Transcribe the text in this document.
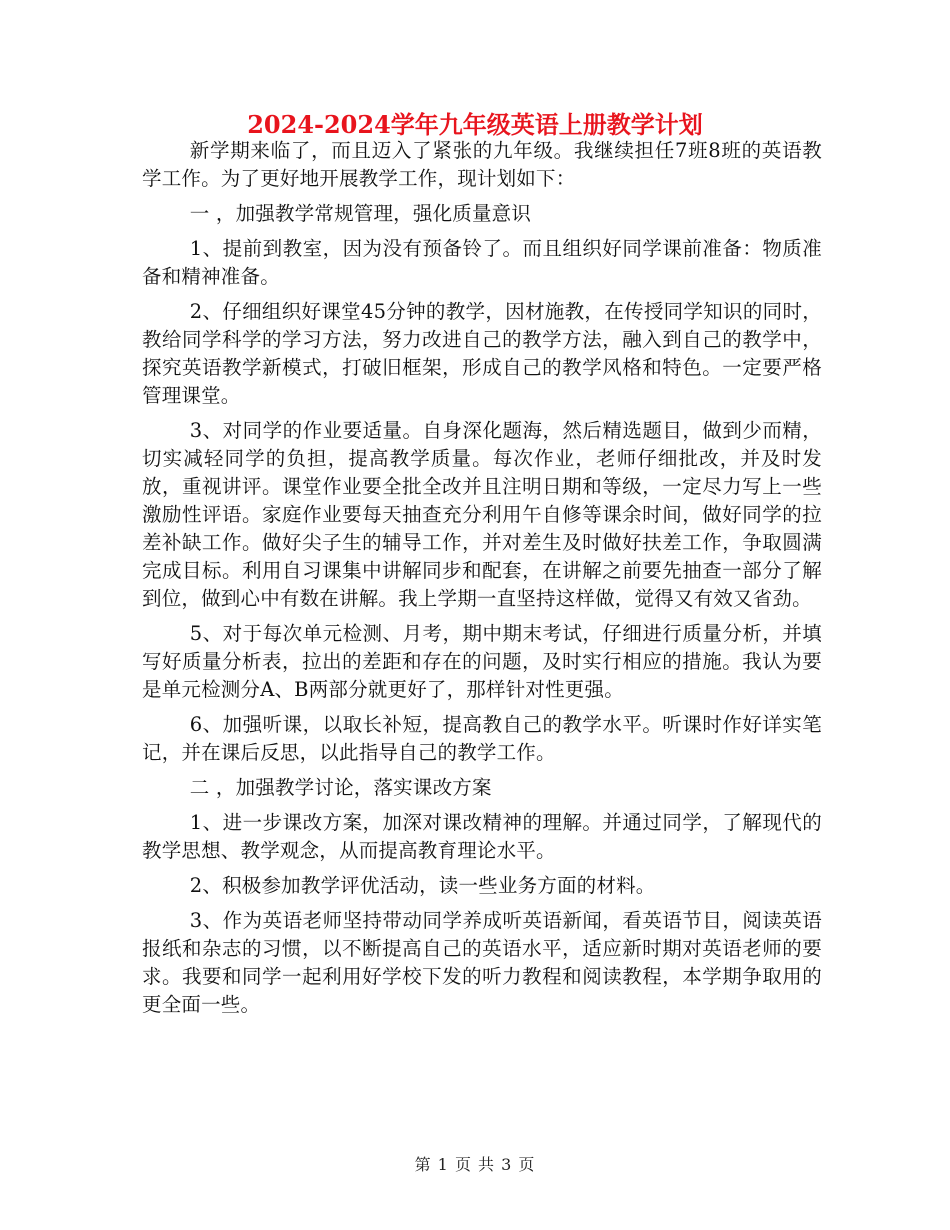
2024-2024学年九年级英语上册教学计划

新学期来临了，而且迈入了紧张的九年级。我继续担任7班8班的英语教学工作。为了更好地开展教学工作，现计划如下：

一 ，加强教学常规管理，强化质量意识

1、提前到教室，因为没有预备铃了。而且组织好同学课前准备：物质准备和精神准备。

2、仔细组织好课堂45分钟的教学，因材施教，在传授同学知识的同时，教给同学科学的学习方法，努力改进自己的教学方法，融入到自己的教学中，探究英语教学新模式，打破旧框架，形成自己的教学风格和特色。一定要严格管理课堂。

3、对同学的作业要适量。自身深化题海，然后精选题目，做到少而精，切实减轻同学的负担，提高教学质量。每次作业，老师仔细批改，并及时发放，重视讲评。课堂作业要全批全改并且注明日期和等级，一定尽力写上一些激励性评语。家庭作业要每天抽查充分利用午自修等课余时间，做好同学的拉差补缺工作。做好尖子生的辅导工作，并对差生及时做好扶差工作，争取圆满完成目标。利用自习课集中讲解同步和配套，在讲解之前要先抽查一部分了解到位，做到心中有数在讲解。我上学期一直坚持这样做，觉得又有效又省劲。

5、对于每次单元检测、月考，期中期末考试，仔细进行质量分析，并填写好质量分析表，拉出的差距和存在的问题，及时实行相应的措施。我认为要是单元检测分A、B两部分就更好了，那样针对性更强。

6、加强听课，以取长补短，提高教自己的教学水平。听课时作好详实笔记，并在课后反思，以此指导自己的教学工作。

二 ，加强教学讨论，落实课改方案

1、进一步课改方案，加深对课改精神的理解。并通过同学，了解现代的教学思想、教学观念，从而提高教育理论水平。

2、积极参加教学评优活动，读一些业务方面的材料。

3、作为英语老师坚持带动同学养成听英语新闻，看英语节目，阅读英语报纸和杂志的习惯，以不断提高自己的英语水平，适应新时期对英语老师的要求。我要和同学一起利用好学校下发的听力教程和阅读教程，本学期争取用的更全面一些。

第 1 页 共 3 页
